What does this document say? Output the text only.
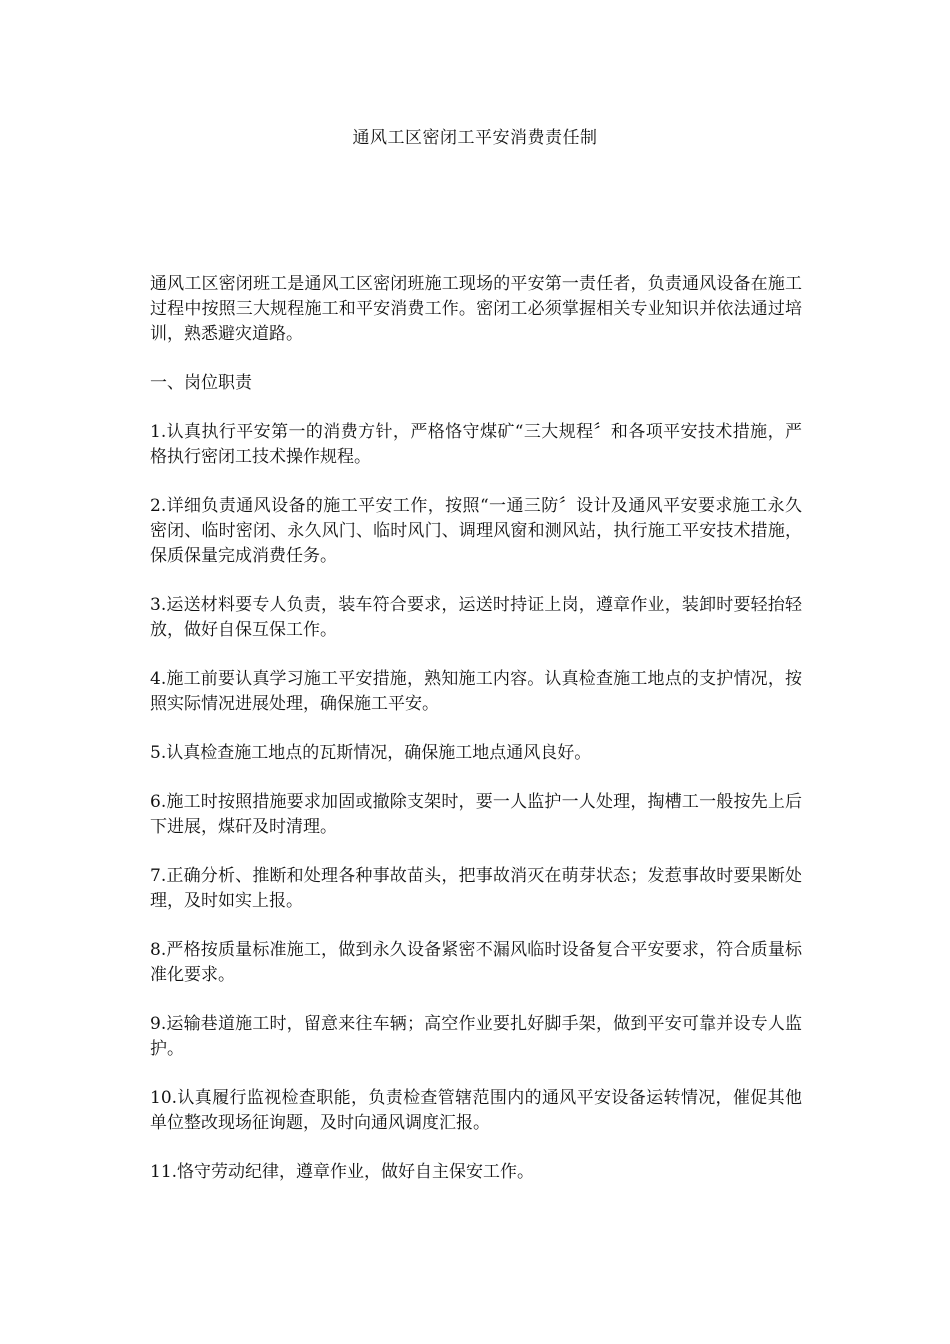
通风工区密闭工平安消费责任制

通风工区密闭班工是通风工区密闭班施工现场的平安第一责任者，负责通风设备在施工过程中按照三大规程施工和平安消费工作。密闭工必须掌握相关专业知识并依法通过培训，熟悉避灾道路。

一、岗位职责

1.认真执行平安第一的消费方针，严格恪守煤矿“三大规程〞和各项平安技术措施，严格执行密闭工技术操作规程。

2.详细负责通风设备的施工平安工作，按照“一通三防〞设计及通风平安要求施工永久密闭、临时密闭、永久风门、临时风门、调理风窗和测风站，执行施工平安技术措施，保质保量完成消费任务。

3.运送材料要专人负责，装车符合要求，运送时持证上岗，遵章作业，装卸时要轻抬轻放，做好自保互保工作。

4.施工前要认真学习施工平安措施，熟知施工内容。认真检查施工地点的支护情况，按照实际情况进展处理，确保施工平安。

5.认真检查施工地点的瓦斯情况，确保施工地点通风良好。

6.施工时按照措施要求加固或撤除支架时，要一人监护一人处理，掏槽工一般按先上后下进展，煤矸及时清理。

7.正确分析、推断和处理各种事故苗头，把事故消灭在萌芽状态；发惹事故时要果断处理，及时如实上报。

8.严格按质量标准施工，做到永久设备紧密不漏风临时设备复合平安要求，符合质量标准化要求。

9.运输巷道施工时，留意来往车辆；高空作业要扎好脚手架，做到平安可靠并设专人监护。

10.认真履行监视检查职能，负责检查管辖范围内的通风平安设备运转情况，催促其他单位整改现场征询题，及时向通风调度汇报。

11.恪守劳动纪律，遵章作业，做好自主保安工作。
